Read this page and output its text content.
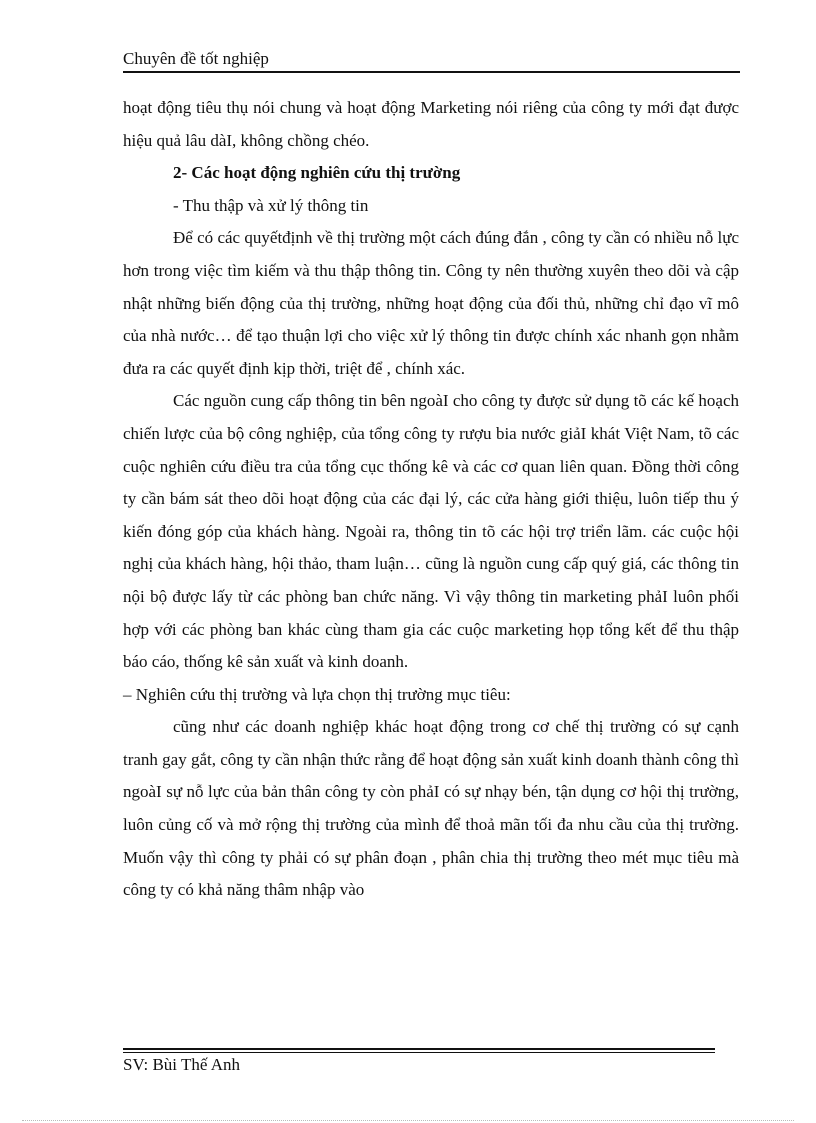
Chuyên đề tốt nghiệp

hoạt động tiêu thụ nói chung và hoạt động Marketing nói riêng của công ty mới đạt được hiệu quả lâu dàI, không chồng chéo.

2- Các hoạt động nghiên cứu thị trường

- Thu thập và xử lý thông tin

Để có các quyếtđịnh về thị trường một cách đúng đắn , công ty cần có nhiều nỗ lực hơn trong việc tìm kiếm và thu thập thông tin. Công ty nên thường xuyên theo dõi và cập nhật những biến động của thị trường, những hoạt động của đối thủ, những chỉ đạo vĩ mô của nhà nước… để tạo thuận lợi cho việc xử lý thông tin được chính xác nhanh gọn nhằm đưa ra các quyết định kịp thời, triệt để , chính xác.

Các nguồn cung cấp thông tin bên ngoàI cho công ty được sử dụng tõ các kế hoạch chiến lược của bộ công nghiệp, của tổng công ty rượu bia nước giảI khát Việt Nam, tõ các cuộc nghiên cứu điều tra của tổng cục thống kê và các cơ quan liên quan. Đồng thời công ty cần bám sát theo dõi hoạt động của các đại lý, các cửa hàng giới thiệu, luôn tiếp thu ý kiến đóng góp của khách hàng. Ngoài ra, thông tin tõ các hội trợ triển lãm. các cuộc hội nghị của khách hàng, hội thảo, tham luận… cũng là nguồn cung cấp quý giá, các thông tin nội bộ được lấy từ các phòng ban chức năng. Vì vậy thông tin marketing phảI luôn phối hợp với các phòng ban khác cùng tham gia các cuộc marketing họp tổng kết để thu thập báo cáo, thống kê sản xuất và kinh doanh.

– Nghiên cứu thị trường và lựa chọn thị trường mục tiêu:

cũng như các doanh nghiệp khác hoạt động trong cơ chế thị trường có sự cạnh tranh gay gắt, công ty cần nhận thức rằng để hoạt động sản xuất kinh doanh thành công thì ngoàI sự nỗ lực của bản thân công ty còn phảI có sự nhạy bén, tận dụng cơ hội thị trường, luôn củng cố và mở rộng thị trường của mình để thoả mãn tối đa nhu cầu của thị trường. Muốn vậy thì công ty phải có sự phân đoạn , phân chia thị trường theo mét mục tiêu mà công ty có khả năng thâm nhập vào

SV: Bùi Thế Anh
